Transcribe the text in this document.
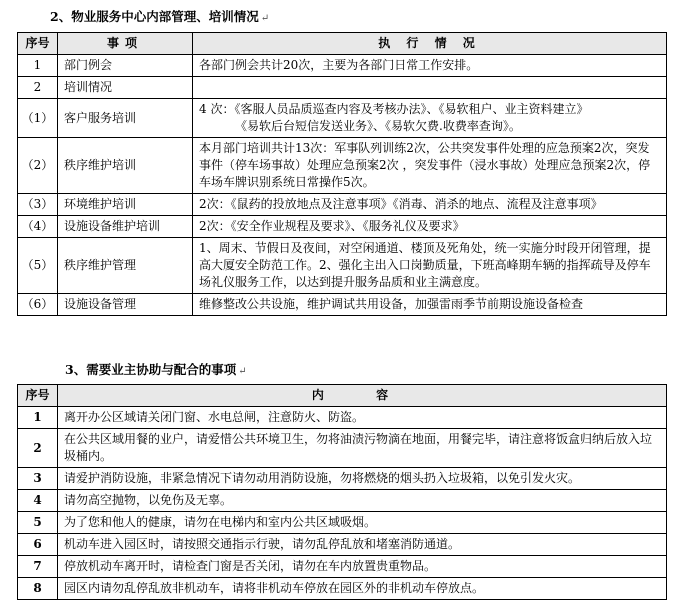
2、物业服务中心内部管理、培训情况 ↵
序号	事项	执 行 情 况
1	部门例会	各部门例会共计20次，主要为各部门日常工作安排。

2	培训情况	

（1）	客户服务培训	4 次：《客服人员品质巡查内容及考核办法》、《易软租户、业主资料建立》
《易软后台短信发送业务》、《易软欠费.收费率查询》。

（2）	秩序维护培训	本月部门培训共计13次：军事队列训练2次，公共突发事件处理的应急预案2次，突发事件（停车场事故）处理应急预案2次 ，突发事件（浸水事故）处理应急预案2次，停车场车牌识别系统日常操作5次。

（3）	环境维护培训	2次：《鼠药的投放地点及注意事项》《消毒、消杀的地点、流程及注意事项》

（4）	设施设备维护培训	2次：《安全作业规程及要求》、《服务礼仪及要求》

（5）	秩序维护管理	1、周末、节假日及夜间，对空闲通道、楼顶及死角处，统一实施分时段开闭管理，提高大厦安全防范工作。2、强化主出入口岗勤质量，下班高峰期车辆的指挥疏导及停车场礼仪服务工作，以达到提升服务品质和业主满意度。

（6）	设施设备管理	维修整改公共设施，维护调试共用设备，加强雷雨季节前期设施设备检查
3、需要业主协助与配合的事项 ↵
序号	内 容
1	离开办公区域请关闭门窗、水电总闸，注意防火、防盗。
2	在公共区域用餐的业户，请爱惜公共环境卫生，勿将油渍污物滴在地面，用餐完毕，请注意将饭盒归纳后放入垃圾桶内。
3	请爱护消防设施，非紧急情况下请勿动用消防设施，勿将燃烧的烟头扔入垃圾箱，以免引发火灾。
4	请勿高空抛物，以免伤及无辜。
5	为了您和他人的健康，请勿在电梯内和室内公共区域吸烟。
6	机动车进入园区时，请按照交通指示行驶，请勿乱停乱放和堵塞消防通道。
7	停放机动车离开时，请检查门窗是否关闭，请勿在车内放置贵重物品。
8	园区内请勿乱停乱放非机动车，请将非机动车停放在园区外的非机动车停放点。
